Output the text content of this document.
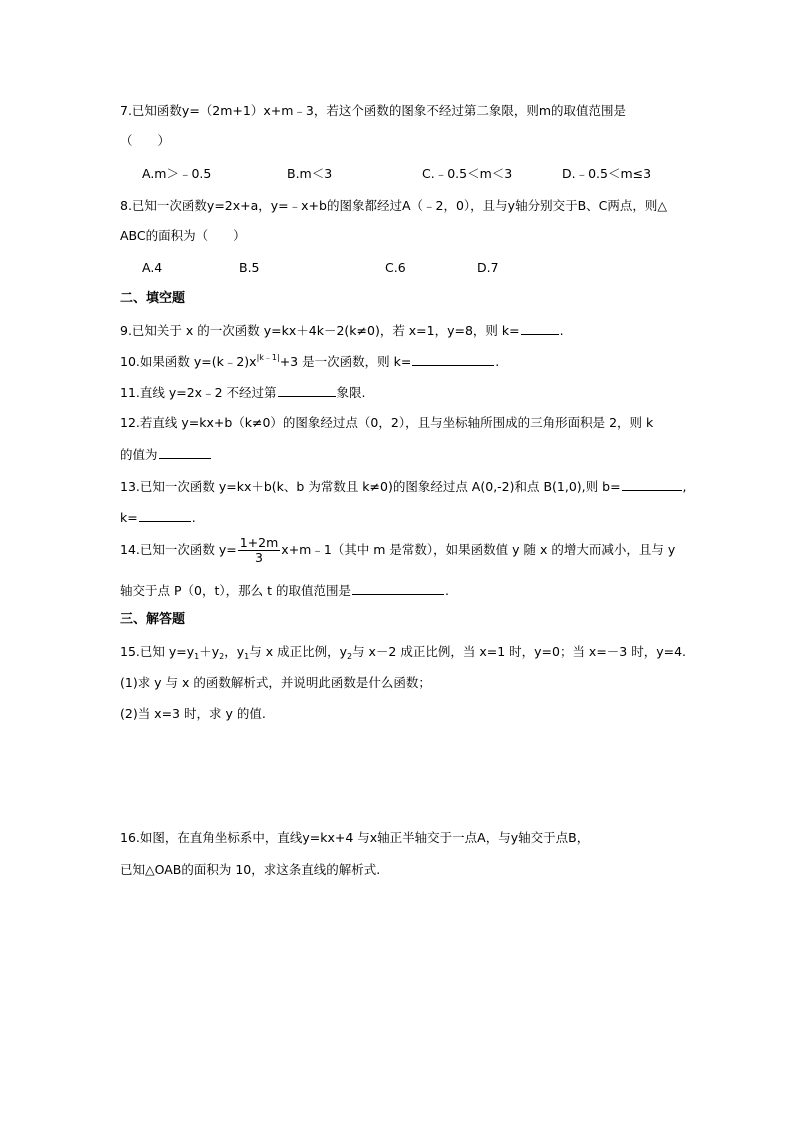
7.已知函数y=（2m+1）x+m﹣3，若这个函数的图象不经过第二象限，则m的取值范围是
（　　）
A.m＞﹣0.5	B.m＜3	C.﹣0.5＜m＜3	D.﹣0.5＜m≤3
8.已知一次函数y=2x+a，y=﹣x+b的图象都经过A（﹣2，0），且与y轴分别交于B、C两点，则△
ABC的面积为（　　）
A.4	B.5	C.6	D.7
二、填空题
9.已知关于 x 的一次函数 y=kx＋4k－2(k≠0)，若 x=1，y=8，则 k=	.
10.如果函数 $y=(k﹣2)x^{|k﹣1|}+3$ 是一次函数，则 k=	.
11.直线 y=2x﹣2 不经过第	象限.
12.若直线 y=kx+b（k≠0）的图象经过点（0，2），且与坐标轴所围成的三角形面积是 2，则 k
的值为
13.已知一次函数 y=kx＋b(k、b 为常数且 k≠0)的图象经过点 A(0,-2)和点 B(1,0),则 b=	,
k=	.
14.已知一次函数 $y= \frac{1+2m}{3}$ x+m﹣1（其中 m 是常数），如果函数值 y 随 x 的增大而减小，且与 y
轴交于点 P（0，t），那么 t 的取值范围是	.
三、解答题
15.已知 $y=y_1+y_2$，$y_1$与 x 成正比例，$y_2$与 x－2 成正比例，当 x=1 时，y=0；当 x=－3 时，y=4.
(1)求 y 与 x 的函数解析式，并说明此函数是什么函数；
(2)当 x=3 时，求 y 的值.
16.如图，在直角坐标系中，直线y=kx+4 与x轴正半轴交于一点A，与y轴交于点B，
已知△OAB的面积为 10，求这条直线的解析式.
